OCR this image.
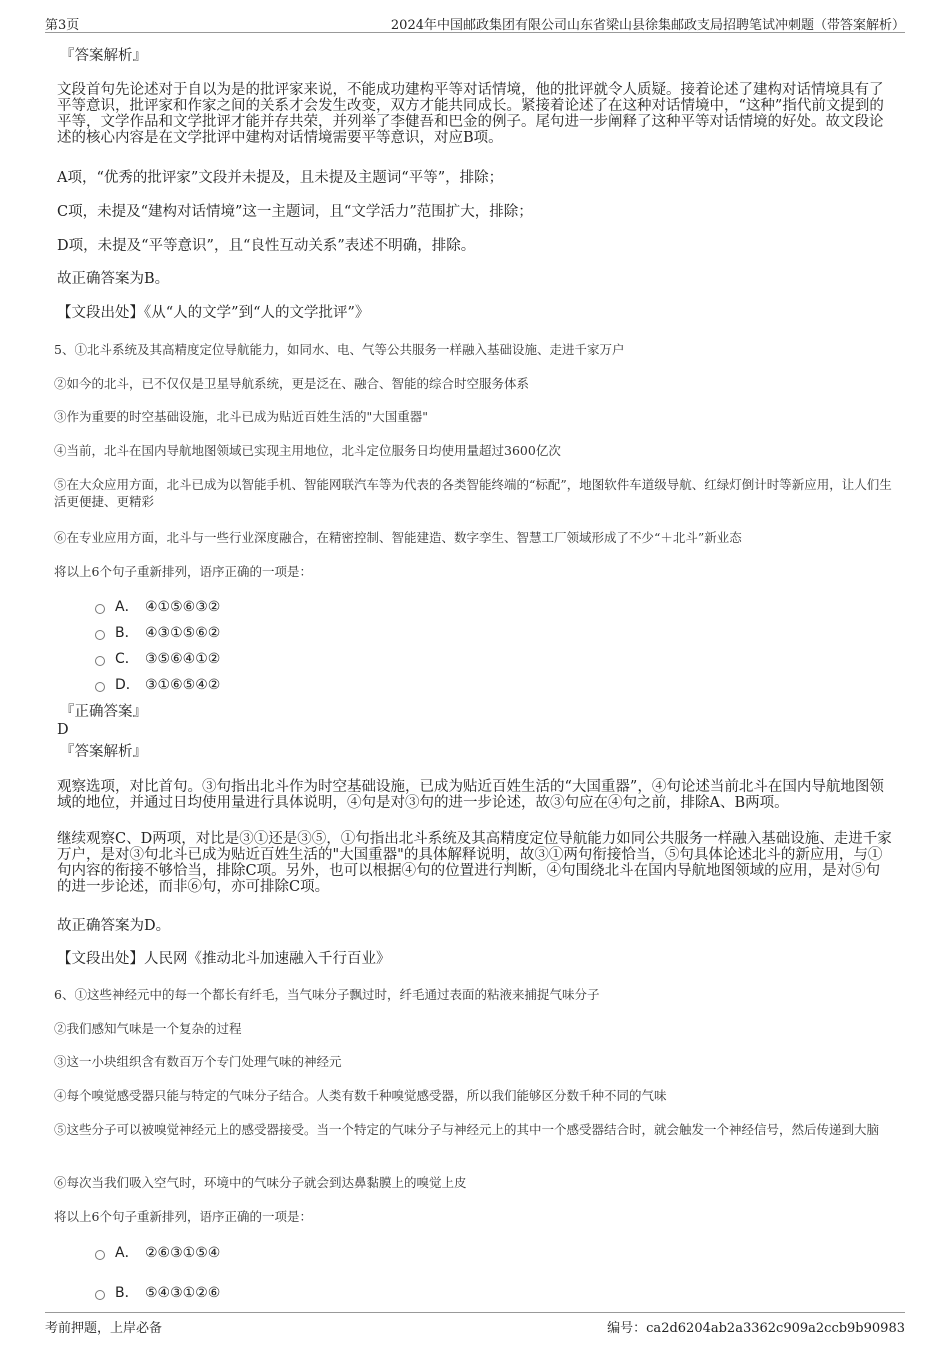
第3页	2024年中国邮政集团有限公司山东省梁山县徐集邮政支局招聘笔试冲刺题（带答案解析）
『答案解析』
文段首句先论述对于自以为是的批评家来说，不能成功建构平等对话情境，他的批评就令人质疑。接着论述了建构对话情境具有了平等意识，批评家和作家之间的关系才会发生改变，双方才能共同成长。紧接着论述了在这种对话情境中，“这种”指代前文提到的平等，文学作品和文学批评才能并存共荣，并列举了李健吾和巴金的例子。尾句进一步阐释了这种平等对话情境的好处。故文段论述的核心内容是在文学批评中建构对话情境需要平等意识，对应B项。
A项，“优秀的批评家”文段并未提及，且未提及主题词“平等”，排除；
C项，未提及“建构对话情境”这一主题词，且“文学活力”范围扩大，排除；
D项，未提及“平等意识”，且“良性互动关系”表述不明确，排除。
故正确答案为B。
【文段出处】《从“人的文学”到“人的文学批评”》
5、①北斗系统及其高精度定位导航能力，如同水、电、气等公共服务一样融入基础设施、走进千家万户
②如今的北斗，已不仅仅是卫星导航系统，更是泛在、融合、智能的综合时空服务体系
③作为重要的时空基础设施，北斗已成为贴近百姓生活的"大国重器"
④当前，北斗在国内导航地图领域已实现主用地位，北斗定位服务日均使用量超过3600亿次
⑤在大众应用方面，北斗已成为以智能手机、智能网联汽车等为代表的各类智能终端的“标配”，地图软件车道级导航、红绿灯倒计时等新应用，让人们生活更便捷、更精彩
⑥在专业应用方面，北斗与一些行业深度融合，在精密控制、智能建造、数字孪生、智慧工厂领域形成了不少“＋北斗”新业态
将以上6个句子重新排列，语序正确的一项是：
A． ④①⑤⑥③②
B． ④③①⑤⑥②
C． ③⑤⑥④①②
D． ③①⑥⑤④②
『正确答案』
D
『答案解析』
观察选项，对比首句。③句指出北斗作为时空基础设施，已成为贴近百姓生活的“大国重器”，④句论述当前北斗在国内导航地图领域的地位，并通过日均使用量进行具体说明，④句是对③句的进一步论述，故③句应在④句之前，排除A、B两项。
继续观察C、D两项，对比是③①还是③⑤，①句指出北斗系统及其高精度定位导航能力如同公共服务一样融入基础设施、走进千家万户，是对③句北斗已成为贴近百姓生活的"大国重器"的具体解释说明，故③①两句衔接恰当，⑤句具体论述北斗的新应用，与①句内容的衔接不够恰当，排除C项。另外，也可以根据④句的位置进行判断，④句围绕北斗在国内导航地图领域的应用，是对⑤句的进一步论述，而非⑥句，亦可排除C项。
故正确答案为D。
【文段出处】人民网《推动北斗加速融入千行百业》
6、①这些神经元中的每一个都长有纤毛，当气味分子飘过时，纤毛通过表面的粘液来捕捉气味分子
②我们感知气味是一个复杂的过程
③这一小块组织含有数百万个专门处理气味的神经元
④每个嗅觉感受器只能与特定的气味分子结合。人类有数千种嗅觉感受器，所以我们能够区分数千种不同的气味
⑤这些分子可以被嗅觉神经元上的感受器接受。当一个特定的气味分子与神经元上的其中一个感受器结合时，就会触发一个神经信号，然后传递到大脑
⑥每次当我们吸入空气时，环境中的气味分子就会到达鼻黏膜上的嗅觉上皮
将以上6个句子重新排列，语序正确的一项是：
A． ②⑥③①⑤④
B． ⑤④③①②⑥
考前押题，上岸必备	编号：ca2d6204ab2a3362c909a2ccb9b90983
